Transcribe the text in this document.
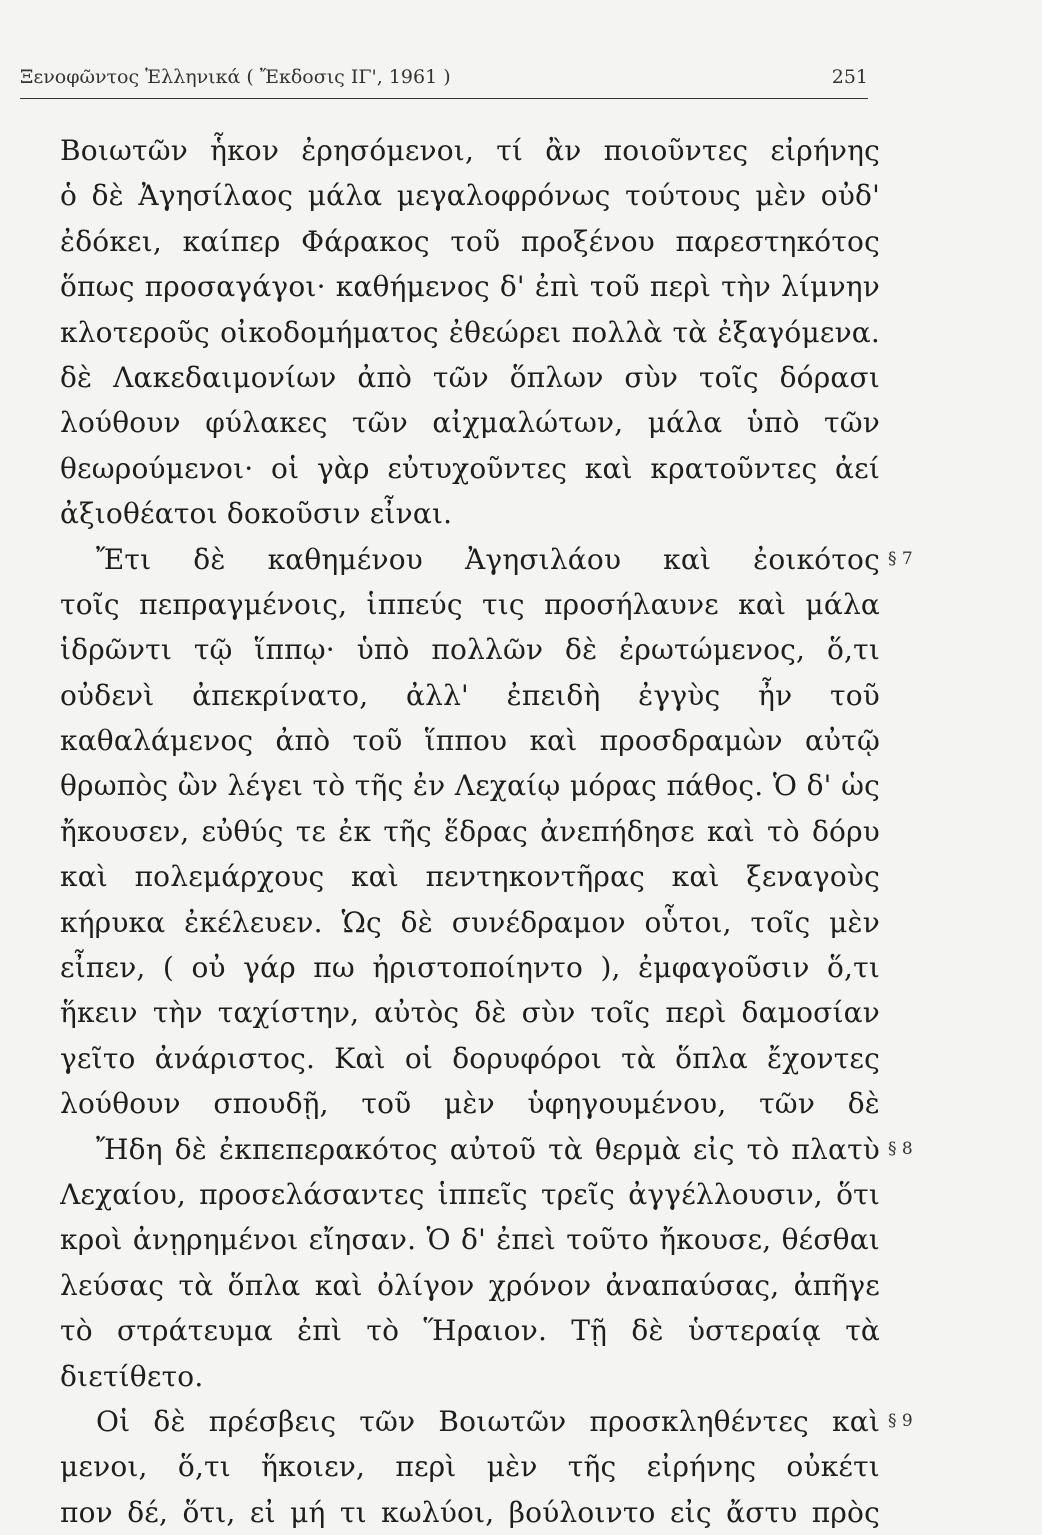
Ξενοφῶντος Ἑλληνικά ( Ἔκδοσις ΙΓ', 1961 )	251
Βοιωτῶν ἧκον ἐρησόμενοι, τί ἂν ποιοῦντες εἰρήνης
ὁ δὲ Ἀγησίλαος μάλα μεγαλοφρόνως τούτους μὲν οὐδ'
ἐδόκει, καίπερ Φάρακος τοῦ προξένου παρεστηκότος
ὅπως προσαγάγοι· καθήμενος δ' ἐπὶ τοῦ περὶ τὴν λίμνην
κλοτεροῦς οἰκοδομήματος ἐθεώρει πολλὰ τὰ ἐξαγόμενα.
δὲ Λακεδαιμονίων ἀπὸ τῶν ὅπλων σὺν τοῖς δόρασι
λούθουν φύλακες τῶν αἰχμαλώτων, μάλα ὑπὸ τῶν
θεωρούμενοι· οἱ γὰρ εὐτυχοῦντες καὶ κρατοῦντες ἀεί
ἀξιοθέατοι δοκοῦσιν εἶναι.
Ἔτι δὲ καθημένου Ἀγησιλάου καὶ ἐοικότος § 7
τοῖς πεπραγμένοις, ἱππεύς τις προσήλαυνε καὶ μάλα
ἱδρῶντι τῷ ἵππῳ· ὑπὸ πολλῶν δὲ ἐρωτώμενος, ὅ,τι
οὐδενὶ ἀπεκρίνατο, ἀλλ' ἐπειδὴ ἐγγὺς ἦν τοῦ
καθαλάμενος ἀπὸ τοῦ ἵππου καὶ προσδραμὼν αὐτῷ
θρωπὸς ὢν λέγει τὸ τῆς ἐν Λεχαίῳ μόρας πάθος. Ὁ δ' ὡς
ἤκουσεν, εὐθύς τε ἐκ τῆς ἕδρας ἀνεπήδησε καὶ τὸ δόρυ
καὶ πολεμάρχους καὶ πεντηκοντῆρας καὶ ξεναγοὺς
κήρυκα ἐκέλευεν. Ὡς δὲ συνέδραμον οὗτοι, τοῖς μὲν
εἶπεν, ( οὐ γάρ πω ἠριστοποίηντο ), ἐμφαγοῦσιν ὅ,τι
ἥκειν τὴν ταχίστην, αὐτὸς δὲ σὺν τοῖς περὶ δαμοσίαν
γεῖτο ἀνάριστος. Καὶ οἱ δορυφόροι τὰ ὅπλα ἔχοντες
λούθουν σπουδῇ, τοῦ μὲν ὑφηγουμένου, τῶν δὲ
Ἤδη δὲ ἐκπεπερακότος αὐτοῦ τὰ θερμὰ εἰς τὸ πλατὺ § 8
Λεχαίου, προσελάσαντες ἱππεῖς τρεῖς ἀγγέλλουσιν, ὅτι
κροὶ ἀνῃρημένοι εἴησαν. Ὁ δ' ἐπεὶ τοῦτο ἤκουσε, θέσθαι
λεύσας τὰ ὅπλα καὶ ὀλίγον χρόνον ἀναπαύσας, ἀπῆγε
τὸ στράτευμα ἐπὶ τὸ Ἥραιον. Τῇ δὲ ὑστεραίᾳ τὰ
διετίθετο.
Οἱ δὲ πρέσβεις τῶν Βοιωτῶν προσκληθέντες καὶ § 9
μενοι, ὅ,τι ἥκοιεν, περὶ μὲν τῆς εἰρήνης οὐκέτι
πον δέ, ὅτι, εἰ μή τι κωλύοι, βούλοιντο εἰς ἄστυ πρὸς
